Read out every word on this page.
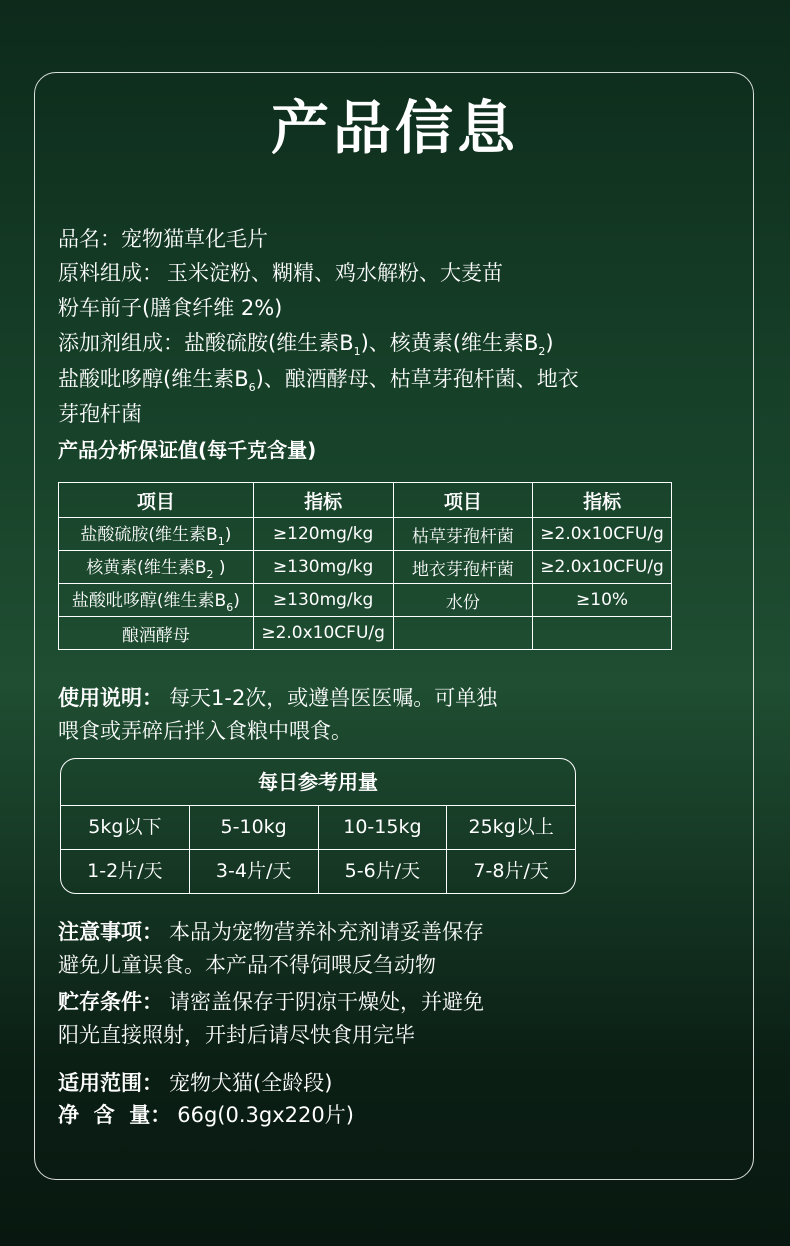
产品信息
品名：宠物猫草化毛片
原料组成： 玉米淀粉、糊精、鸡水解粉、大麦苗
粉车前子(膳食纤维 2%)
添加剂组成：盐酸硫胺(维生素$B_1$)、核黄素(维生素$B_2$)
盐酸吡哆醇(维生素$B_6$)、酿酒酵母、枯草芽孢杆菌、地衣
芽孢杆菌
产品分析保证值(每千克含量)
项目	指标	项目	指标
盐酸硫胺(维生素$B_1$)	≥120mg/kg	枯草芽孢杆菌	≥2.0x10CFU/g
核黄素(维生素$B_2$ )	≥130mg/kg	地衣芽孢杆菌	≥2.0x10CFU/g
盐酸吡哆醇(维生素$B_6$)	≥130mg/kg	水份	≥10%
酿酒酵母	≥2.0x10CFU/g		
使用说明： 每天1-2次，或遵兽医医嘱。可单独
喂食或弄碎后拌入食粮中喂食。
每日参考用量
5kg以下	5-10kg	10-15kg	25kg以上
1-2片/天	3-4片/天	5-6片/天	7-8片/天
注意事项： 本品为宠物营养补充剂请妥善保存
避免儿童误食。本产品不得饲喂反刍动物
贮存条件： 请密盖保存于阴凉干燥处，并避免
阳光直接照射，开封后请尽快食用完毕
适用范围： 宠物犬猫(全龄段)
净  含  量： 66g(0.3gx220片)
